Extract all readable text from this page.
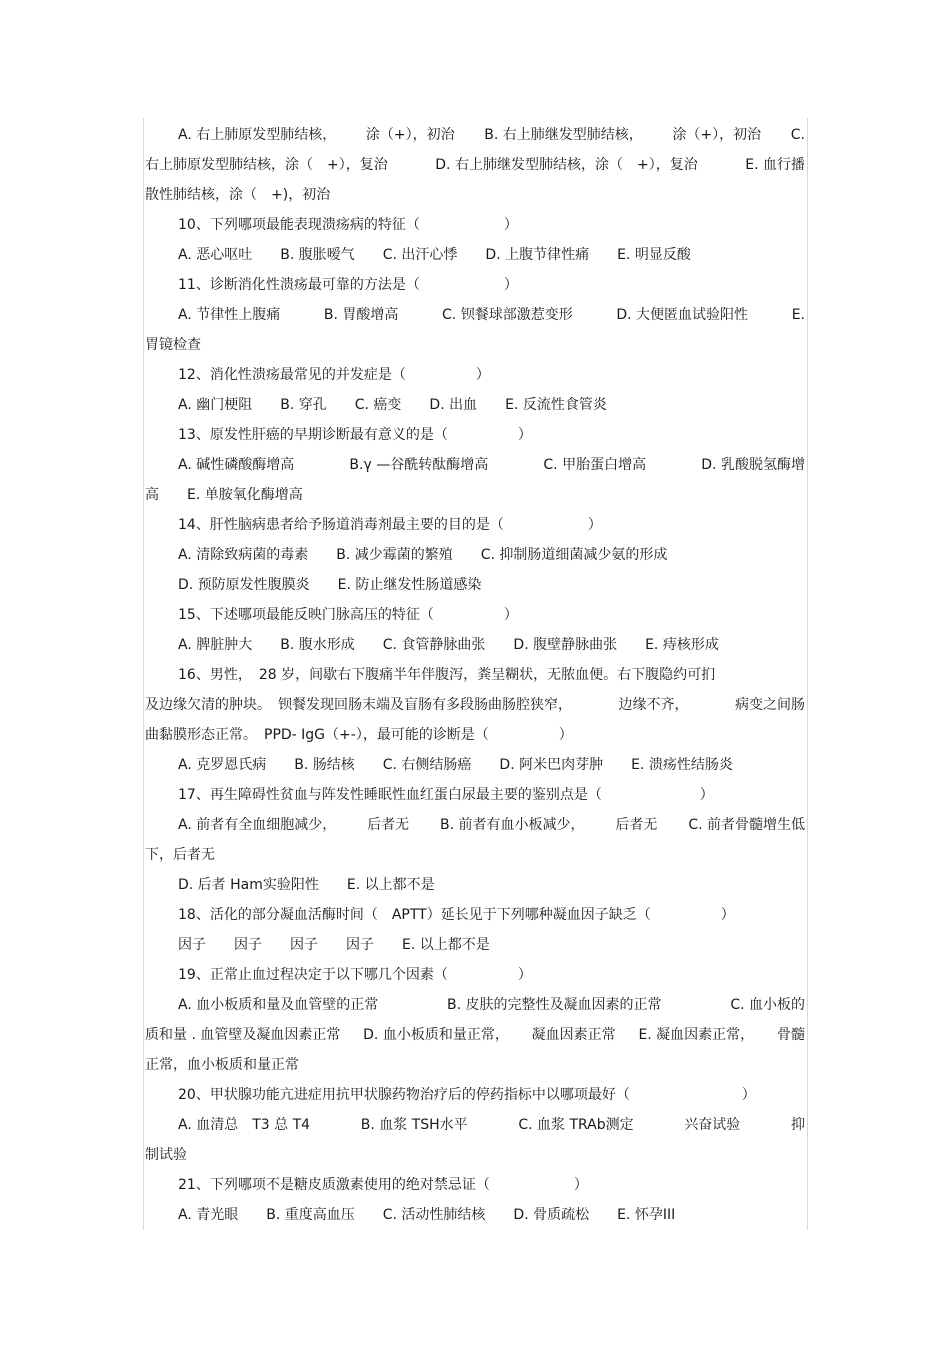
A. 右上肺原发型肺结核， 涂（+），初治 B. 右上肺继发型肺结核， 涂（+），初治 C.
右上肺原发型肺结核，涂（　+），复治	D. 右上肺继发型肺结核，涂（　+），复治	E. 血行播
散性肺结核，涂（　+)，初治
10、下列哪项最能表现溃疡病的特征（　　　　　　）
A. 恶心呕吐　　B. 腹胀嗳气　　C. 出汗心悸　　D. 上腹节律性痛　　E. 明显反酸
11、诊断消化性溃疡最可靠的方法是（　　　　　　）
A. 节律性上腹痛	B. 胃酸增高	C. 钡餐球部激惹变形	D. 大便匿血试验阳性	E.
胃镜检查
12、消化性溃疡最常见的并发症是（　　　　　）
A. 幽门梗阻　　B. 穿孔　　C. 癌变　　D. 出血　　E. 反流性食管炎
13、原发性肝癌的早期诊断最有意义的是（　　　　　）
A. 碱性磷酸酶增高	B.γ —谷酰转酞酶增高	C. 甲胎蛋白增高	D. 乳酸脱氢酶增
高　　E. 单胺氧化酶增高
14、肝性脑病患者给予肠道消毒剂最主要的目的是（　　　　　　）
A. 清除致病菌的毒素　　B. 减少霉菌的繁殖　　C. 抑制肠道细菌减少氨的形成
D. 预防原发性腹膜炎　　E. 防止继发性肠道感染
15、下述哪项最能反映门脉高压的特征（　　　　　）
A. 脾脏肿大　　B. 腹水形成　　C. 食管静脉曲张　　D. 腹壁静脉曲张　　E. 痔核形成
16、男性，　28 岁，间歇右下腹痛半年伴腹泻，粪呈糊状，无脓血便。右下腹隐约可扪
及边缘欠清的肿块。　钡餐发现回肠末端及盲肠有多段肠曲肠腔狭窄，	边缘不齐，	病变之间肠
曲黏膜形态正常。　PPD- IgG（+-），最可能的诊断是（　　　　　）
A. 克罗恩氏病　　B. 肠结核　　C. 右侧结肠癌　　D. 阿米巴肉芽肿　　E. 溃疡性结肠炎
17、再生障碍性贫血与阵发性睡眠性血红蛋白尿最主要的鉴别点是（　　　　　　　）
A. 前者有全血细胞减少， 后者无 B. 前者有血小板减少， 后者无 C. 前者骨髓增生低
下，后者无
D. 后者 Ham实验阳性　　E. 以上都不是
18、活化的部分凝血活酶时间（　APTT）延长见于下列哪种凝血因子缺乏（　　　　　）
因子　　因子　　因子　　因子　　E. 以上都不是
19、正常止血过程决定于以下哪几个因素（　　　　　）
A. 血小板质和量及血管壁的正常	B. 皮肤的完整性及凝血因素的正常	C. 血小板的
质和量 . 血管壁及凝血因素正常 D. 血小板质和量正常， 凝血因素正常 E. 凝血因素正常， 骨髓
正常，血小板质和量正常
20、甲状腺功能亢进症用抗甲状腺药物治疗后的停药指标中以哪项最好（　　　　　　　　）
A. 血清总　T3 总 T4	B. 血浆 TSH水平	C. 血浆 TRAb测定	兴奋试验	抑
制试验
21、下列哪项不是糖皮质激素使用的绝对禁忌证（　　　　　　）
A. 青光眼　　B. 重度高血压　　C. 活动性肺结核　　D. 骨质疏松　　E. 怀孕III
